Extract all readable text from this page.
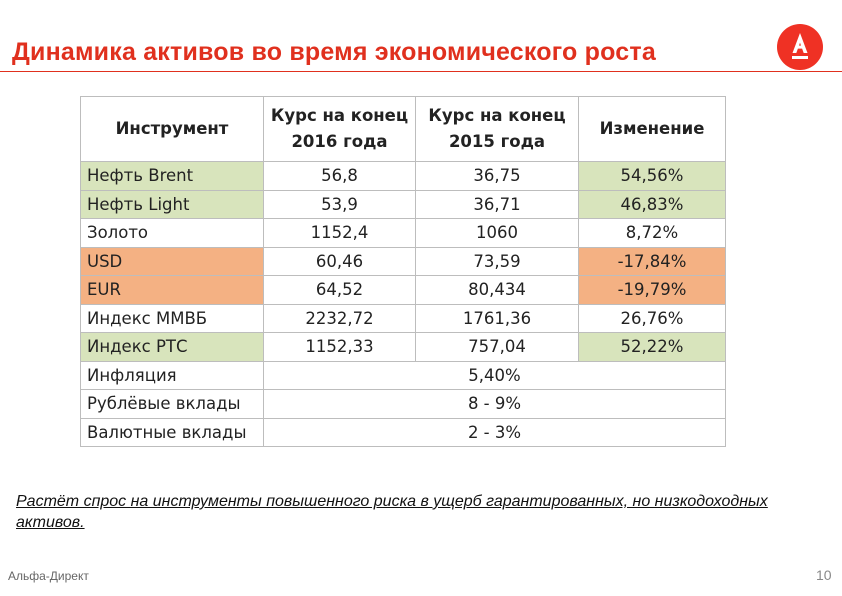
Динамика активов во время экономического роста
Инструмент	Курс на конец 2016 года	Курс на конец 2015 года	Изменение
Нефть Brent	56,8	36,75	54,56%
Нефть Light	53,9	36,71	46,83%
Золото	1152,4	1060	8,72%
USD	60,46	73,59	-17,84%
EUR	64,52	80,434	-19,79%
Индекс ММВБ	2232,72	1761,36	26,76%
Индекс РТС	1152,33	757,04	52,22%
Инфляция	5,40%		
Рублёвые вклады	8 - 9%		
Валютные вклады	2 - 3%		
Растёт спрос на инструменты повышенного риска в ущерб гарантированных, но низкодоходных активов.
Альфа-Директ	10
